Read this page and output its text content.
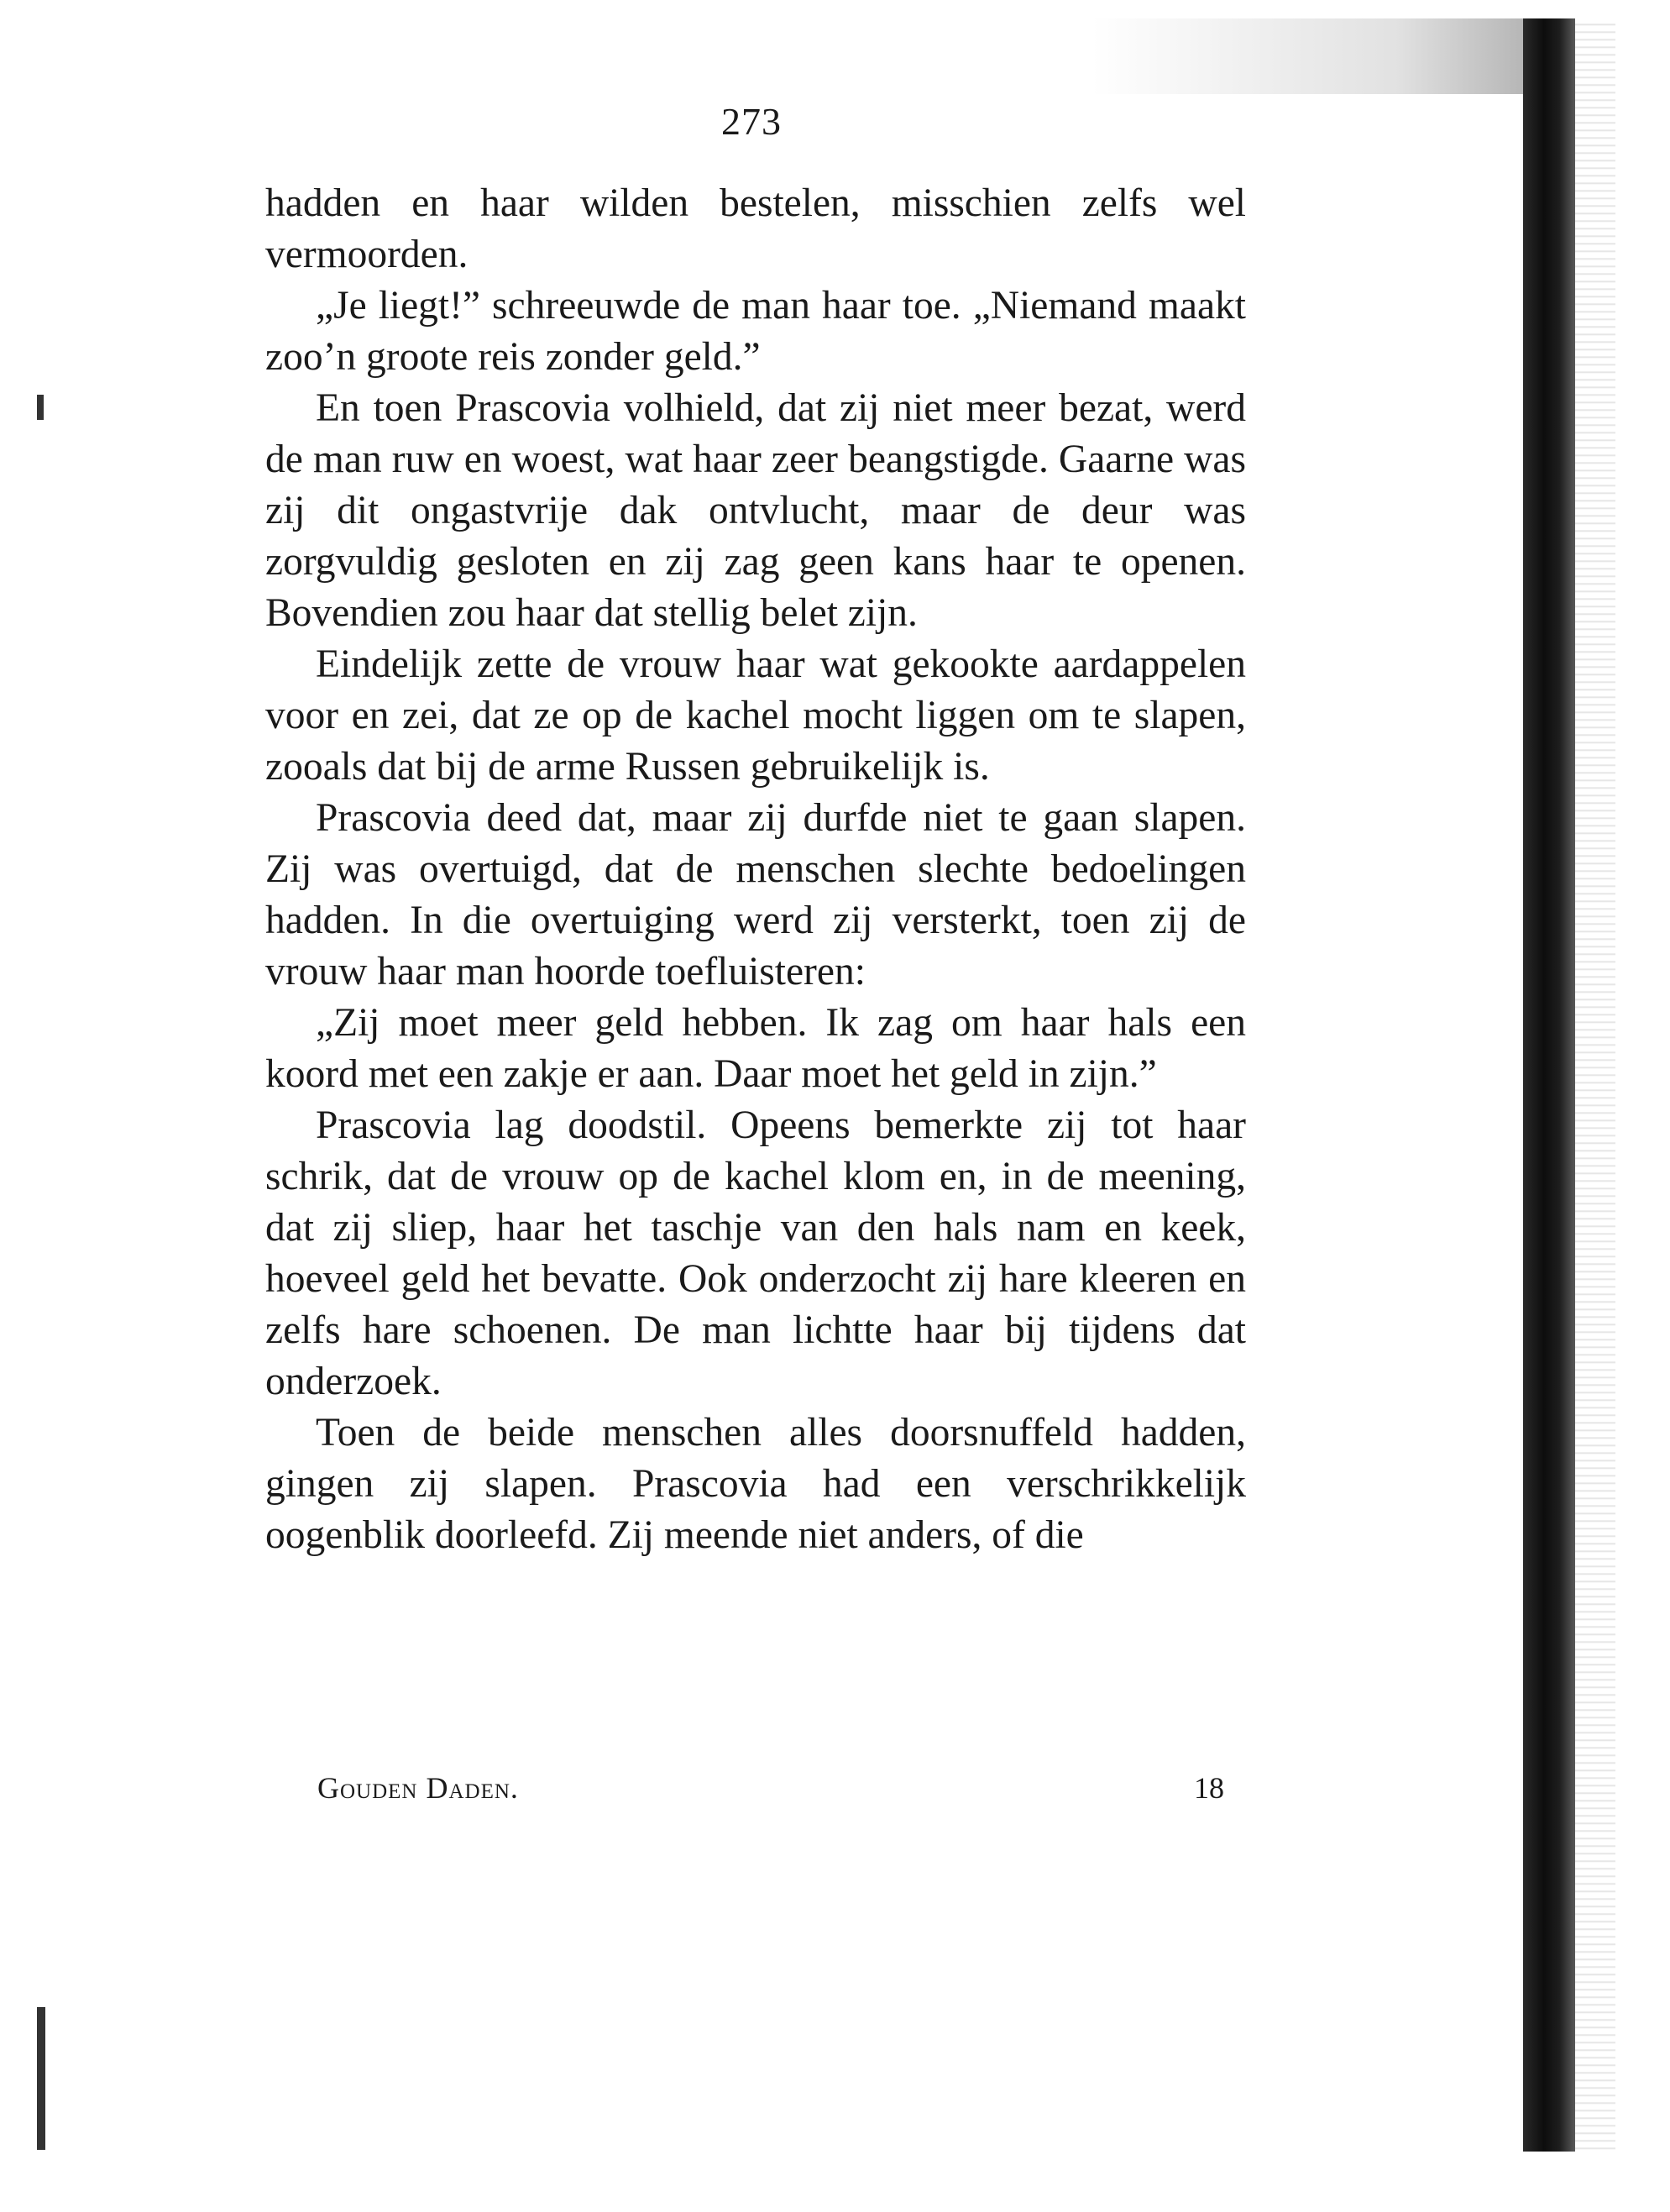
273

hadden en haar wilden bestelen, misschien zelfs wel vermoorden.

„Je liegt!” schreeuwde de man haar toe. „Niemand maakt zoo’n groote reis zonder geld.”

En toen Prascovia volhield, dat zij niet meer bezat, werd de man ruw en woest, wat haar zeer beangstigde. Gaarne was zij dit ongastvrije dak ontvlucht, maar de deur was zorgvuldig gesloten en zij zag geen kans haar te openen. Bovendien zou haar dat stellig belet zijn.

Eindelijk zette de vrouw haar wat gekookte aardappelen voor en zei, dat ze op de kachel mocht liggen om te slapen, zooals dat bij de arme Russen gebruikelijk is.

Prascovia deed dat, maar zij durfde niet te gaan slapen. Zij was overtuigd, dat de menschen slechte bedoelingen hadden. In die overtuiging werd zij versterkt, toen zij de vrouw haar man hoorde toefluisteren:

„Zij moet meer geld hebben. Ik zag om haar hals een koord met een zakje er aan. Daar moet het geld in zijn.”

Prascovia lag doodstil. Opeens bemerkte zij tot haar schrik, dat de vrouw op de kachel klom en, in de meening, dat zij sliep, haar het taschje van den hals nam en keek, hoeveel geld het bevatte. Ook onderzocht zij hare kleeren en zelfs hare schoenen. De man lichtte haar bij tijdens dat onderzoek.

Toen de beide menschen alles doorsnuffeld hadden, gingen zij slapen. Prascovia had een verschrikkelijk oogenblik doorleefd. Zij meende niet anders, of die

Gouden Daden.	18
